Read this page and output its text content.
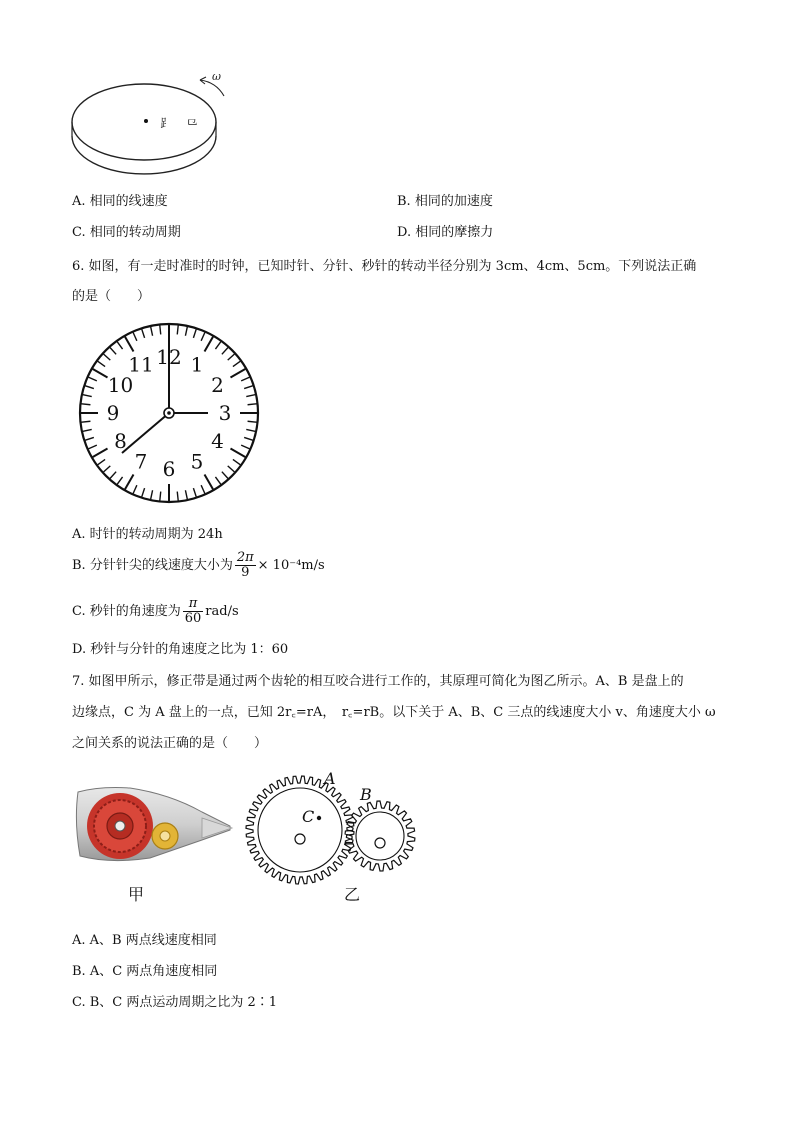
⻊ ⺋
ω
A. 相同的线速度	B. 相同的加速度
C. 相同的转动周期	D. 相同的摩擦力
6. 如图，有一走时准时的时钟，已知时针、分针、秒针的转动半径分别为 3cm、4cm、5cm。下列说法正确
的是（　　）
12 1
2
3
4
5
6
7
8
9
10
11
A. 时针的转动周期为 24h
B. 分针针尖的线速度大小为 $\frac{2\pi}{9} \times 10^{-4}m/s$
C. 秒针的角速度为 $\frac{\pi}{60} rad/s$
D. 秒针与分针的角速度之比为 1：60
7. 如图甲所示，修正带是通过两个齿轮的相互咬合进行工作的，其原理可简化为图乙所示。A、B 是盘上的
边缘点，C 为 A 盘上的一点，已知 2r꜀=rA，　r꜀=rB。以下关于 A、B、C 三点的线速度大小 v、角速度大小 ω
之间关系的说法正确的是（　　）
甲
A
B
C
乙
A. A、B 两点线速度相同
B. A、C 两点角速度相同
C. B、C 两点运动周期之比为 2∶1
